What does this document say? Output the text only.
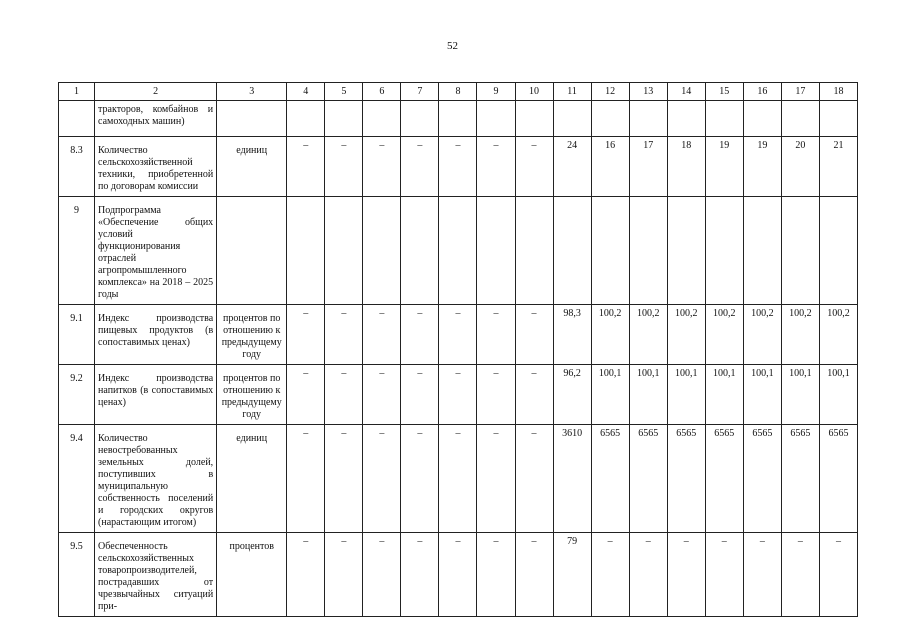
52
1	2	3	4	5	6	7	8	9	10	11	12	13	14	15	16	17	18
	тракторов, комбайнов и самоходных машин)																
8.3	Количество сельскохозяйственной техники, приобретенной по договорам комиссии	единиц	–	–	–	–	–	–	–	24	16	17	18	19	19	20	21
9	Подпрограмма «Обеспечение общих условий функционирования отраслей агропромышленного комплекса» на 2018 – 2025 годы																
9.1	Индекс производства пищевых продуктов (в сопоставимых ценах)	процентов по отношению к предыдущему году	–	–	–	–	–	–	–	98,3	100,2	100,2	100,2	100,2	100,2	100,2	100,2
9.2	Индекс производства напитков (в сопоставимых ценах)	процентов по отношению к предыдущему году	–	–	–	–	–	–	–	96,2	100,1	100,1	100,1	100,1	100,1	100,1	100,1
9.4	Количество невостребованных земельных долей, поступивших в муниципальную собственность поселений и городских округов (нарастающим итогом)	единиц	–	–	–	–	–	–	–	3610	6565	6565	6565	6565	6565	6565	6565
9.5	Обеспеченность сельскохозяйственных товаропроизводителей, пострадавших от чрезвычайных ситуаций при-	процентов	–	–	–	–	–	–	–	79	–	–	–	–	–	–	–
